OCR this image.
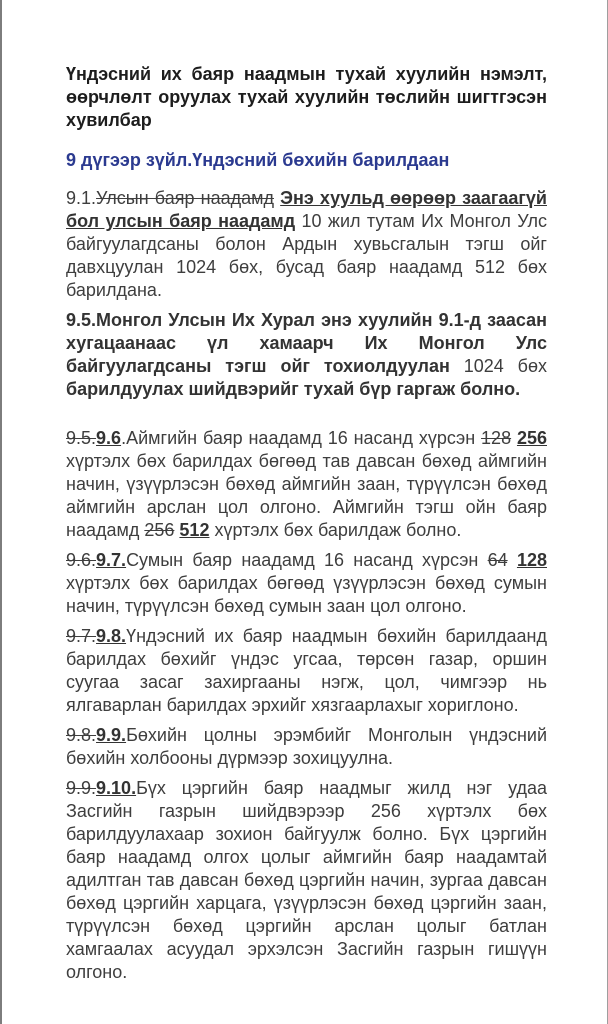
Үндэсний их баяр наадмын тухай хуулийн нэмэлт, өөрчлөлт оруулах тухай хуулийн төслийн шигтгэсэн хувилбар

9 дүгээр зүйл.Үндэсний бөхийн барилдаан

9.1.Улсын баяр наадамд Энэ хуульд өөрөөр заагаагүй бол улсын баяр наадамд 10 жил тутам Их Монгол Улс байгуулагдсаны болон Ардын хувьсгалын тэгш ойг давхцуулан 1024 бөх, бусад баяр наадамд 512 бөх барилдана.

9.5.Монгол Улсын Их Хурал энэ хуулийн 9.1-д заасан хугацаанаас үл хамаарч Их Монгол Улс байгуулагдсаны тэгш ойг тохиолдуулан 1024 бөх барилдуулах шийдвэрийг тухай бүр гаргаж болно.

9.5.9.6.Аймгийн баяр наадамд 16 насанд хүрсэн 128 256 хүртэлх бөх барилдах бөгөөд тав давсан бөхөд аймгийн начин, үзүүрлэсэн бөхөд аймгийн заан, түрүүлсэн бөхөд аймгийн арслан цол олгоно. Аймгийн тэгш ойн баяр наадамд 256 512 хүртэлх бөх барилдаж болно.

9.6.9.7.Сумын баяр наадамд 16 насанд хүрсэн 64 128 хүртэлх бөх барилдах бөгөөд үзүүрлэсэн бөхөд сумын начин, түрүүлсэн бөхөд сумын заан цол олгоно.

9.7.9.8.Үндэсний их баяр наадмын бөхийн барилдаанд барилдах бөхийг үндэс угсаа, төрсөн газар, оршин суугаа засаг захиргааны нэгж, цол, чимгээр нь ялгаварлан барилдах эрхийг хязгаарлахыг хориглоно.

9.8.9.9.Бөхийн цолны эрэмбийг Монголын үндэсний бөхийн холбооны дүрмээр зохицуулна.

9.9.9.10.Бүх цэргийн баяр наадмыг жилд нэг удаа Засгийн газрын шийдвэрээр 256 хүртэлх бөх барилдуулахаар зохион байгуулж болно. Бүх цэргийн баяр наадамд олгох цолыг аймгийн баяр наадамтай адилтган тав давсан бөхөд цэргийн начин, зургаа давсан бөхөд цэргийн харцага, үзүүрлэсэн бөхөд цэргийн заан, түрүүлсэн бөхөд цэргийн арслан цолыг батлан хамгаалах асуудал эрхэлсэн Засгийн газрын гишүүн олгоно.
